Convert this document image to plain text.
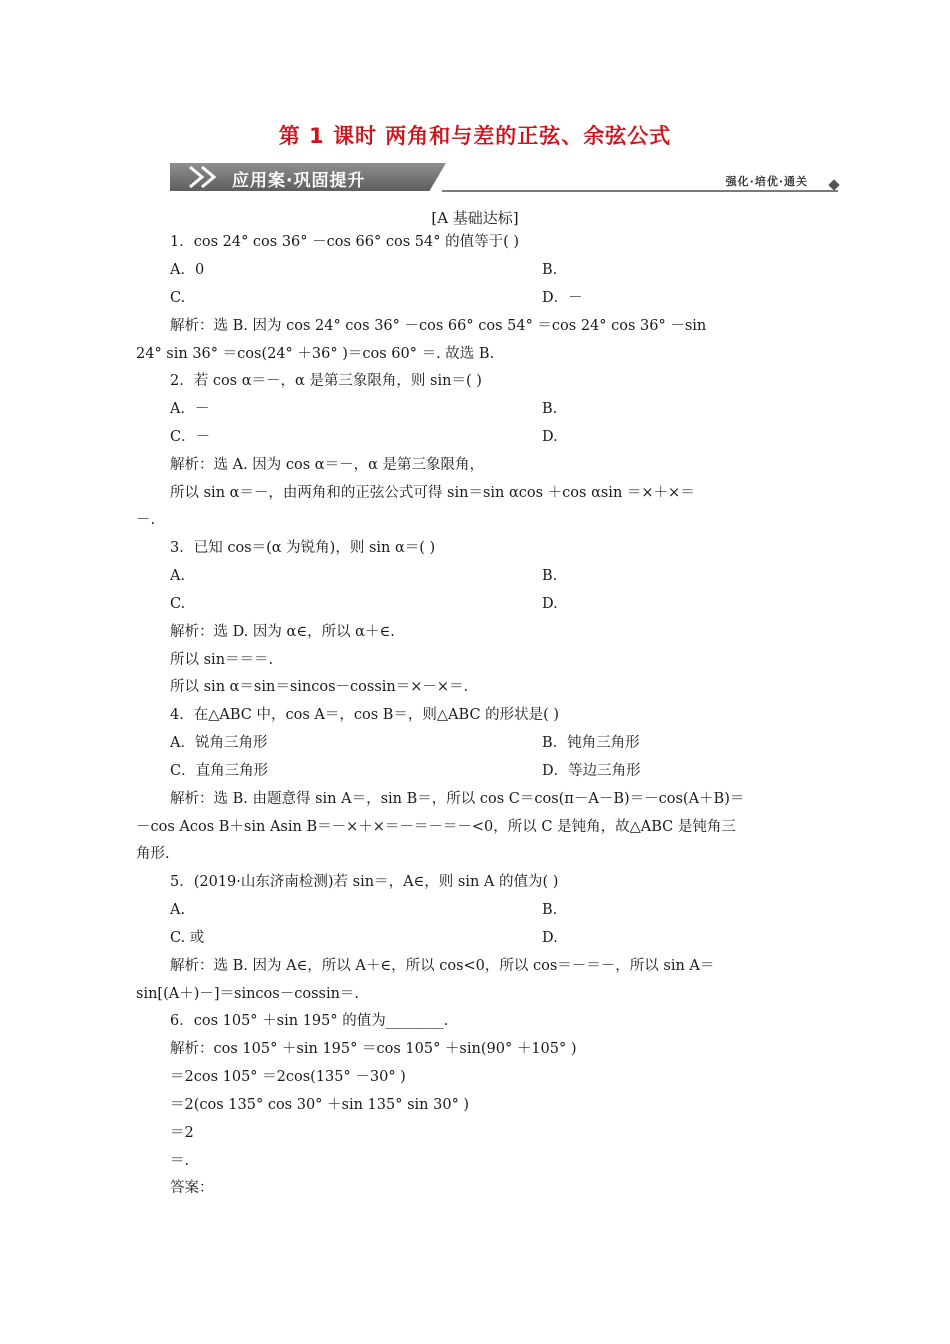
第 1 课时 两角和与差的正弦、余弦公式
应用案·巩固提升	强化·培优·通关
[A 基础达标]
1．cos 24° cos 36° －cos 66° cos 54° 的值等于( )
A．0	B.
C.	D．－
解析：选 B. 因为 cos 24° cos 36° －cos 66° cos 54° ＝cos 24° cos 36° －sin
24° sin 36° ＝cos(24° ＋36° )＝cos 60° ＝. 故选 B.
2．若 cos α＝－，α 是第三象限角，则 sin＝( )
A．－	B.
C．－	D.
解析：选 A. 因为 cos α＝－，α 是第三象限角，
所以 sin α＝－，由两角和的正弦公式可得 sin＝sin αcos ＋cos αsin ＝×＋×＝
－.
3．已知 cos＝(α 为锐角)，则 sin α＝( )
A.	B.
C.	D.
解析：选 D. 因为 α∈，所以 α＋∈.
所以 sin＝＝＝.
所以 sin α＝sin＝sincos－cossin＝×－×＝.
4．在△ABC 中，cos A＝，cos B＝，则△ABC 的形状是( )
A．锐角三角形	B．钝角三角形
C．直角三角形	D．等边三角形
解析：选 B. 由题意得 sin A＝，sin B＝，所以 cos C＝cos(π－A－B)＝－cos(A＋B)＝
－cos Acos B＋sin Asin B＝－×＋×＝－＝－＝－<0，所以 C 是钝角，故△ABC 是钝角三
角形.
5．(2019·山东济南检测)若 sin＝，A∈，则 sin A 的值为( )
A.	B.
C. 或	D.
解析：选 B. 因为 A∈，所以 A＋∈，所以 cos<0，所以 cos＝－＝－，所以 sin A＝
sin[(A＋)－]＝sincos－cossin＝.
6．cos 105° ＋sin 195° 的值为________.
解析：cos 105° ＋sin 195° ＝cos 105° ＋sin(90° ＋105° )
＝2cos 105° ＝2cos(135° －30° )
＝2(cos 135° cos 30° ＋sin 135° sin 30° )
＝2
＝.
答案：
